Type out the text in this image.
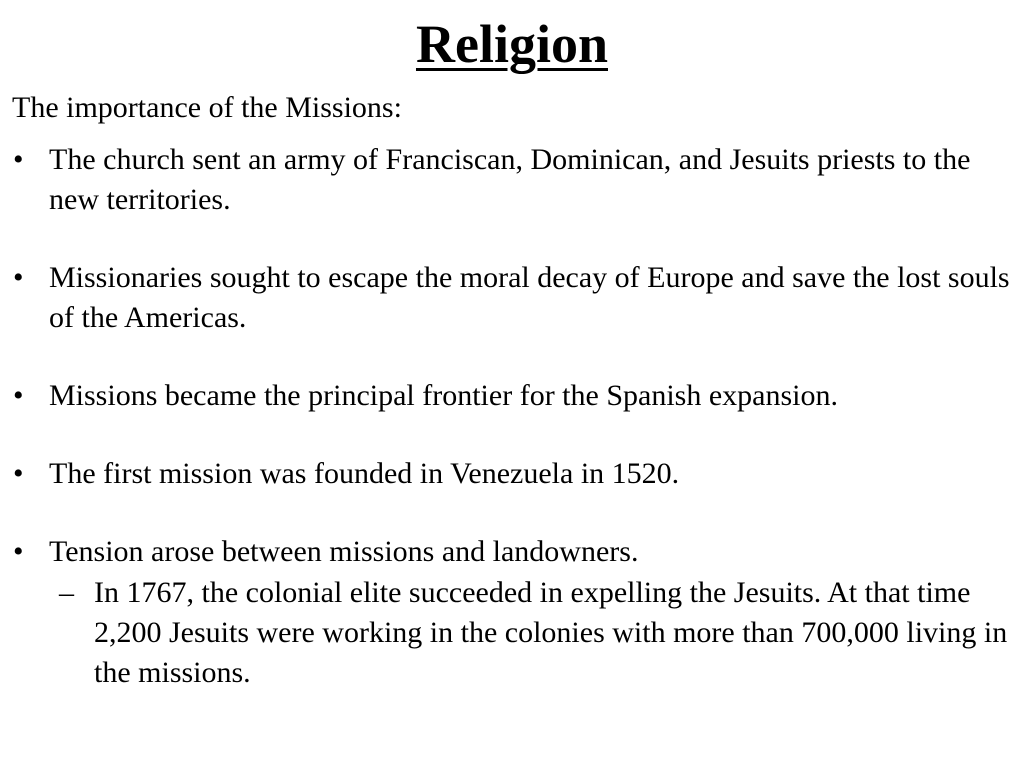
Religion
The importance of the Missions:
• The church sent an army of Franciscan, Dominican, and Jesuits priests to the new territories.
• Missionaries sought to escape the moral decay of Europe and save the lost souls of the Americas.
• Missions became the principal frontier for the Spanish expansion.
• The first mission was founded in Venezuela in 1520.
• Tension arose between missions and landowners.
– In 1767, the colonial elite succeeded in expelling the Jesuits. At that time 2,200 Jesuits were working in the colonies with more than 700,000 living in the missions.
